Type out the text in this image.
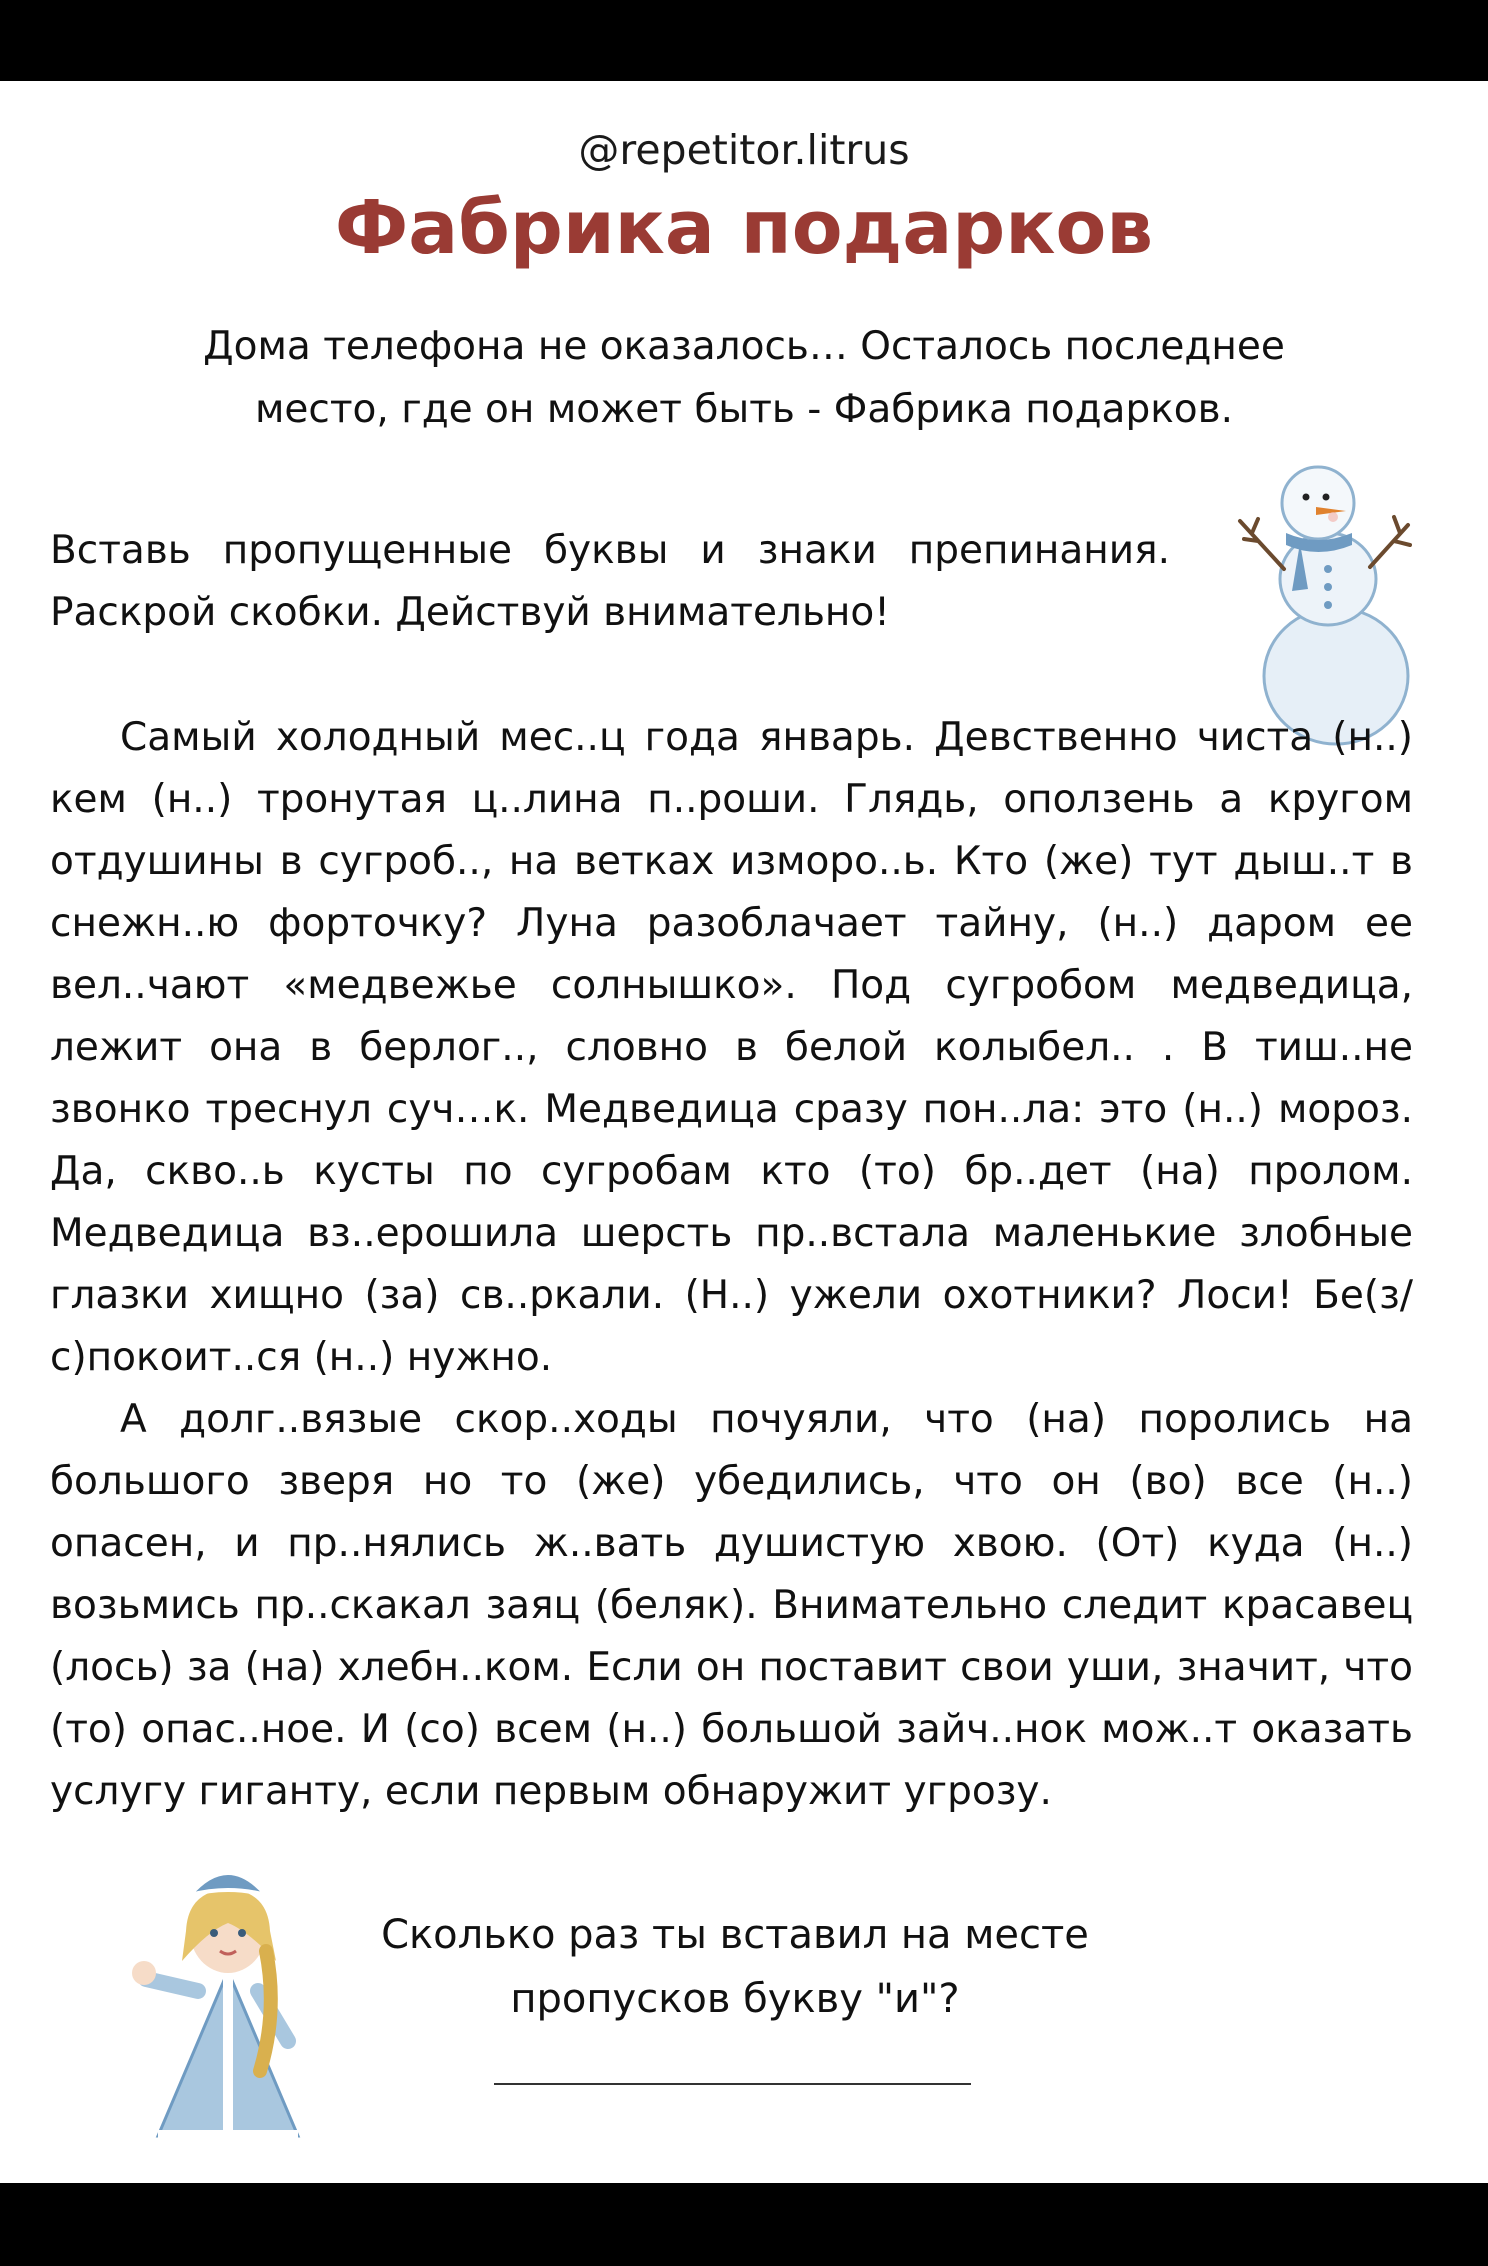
@repetitor.litrus
Фабрика подарков
Дома телефона не оказалось… Осталось последнее место, где он может быть - Фабрика подарков.
Вставь пропущенные буквы и знаки препинания. Раскрой скобки. Действуй внимательно!

Самый холодный мес..ц года январь. Девственно чиста (н..) кем (н..) тронутая ц..лина п..роши. Глядь, оползень а кругом отдушины в сугроб.., на ветках изморо..ь. Кто (же) тут дыш..т в снежн..ю форточку? Луна разоблачает тайну, (н..) даром ее вел..чают «медвежье солнышко». Под сугробом медведица, лежит она в берлог.., словно в белой колыбел.. . В тиш..не звонко треснул суч…к. Медведица сразу пон..ла: это (н..) мороз. Да, скво..ь кусты по сугробам кто (то) бр..дет (на) пролом. Медведица вз..ерошила шерсть пр..встала маленькие злобные глазки хищно (за) св..ркали. (Н..) ужели охотники? Лоси! Бе(з/с)покоит..ся (н..) нужно.

А долг..вязые скор..ходы почуяли, что (на) поролись на большого зверя но то (же) убедились, что он (во) все (н..) опасен, и пр..нялись ж..вать душистую хвою. (От) куда (н..) возьмись пр..скакал заяц (беляк). Внимательно следит красавец (лось) за (на) хлебн..ком. Если он поставит свои уши, значит, что (то) опас..ное. И (со) всем (н..) большой зайч..нок мож..т оказать услугу гиганту, если первым обнаружит угрозу.

Сколько раз ты вставил на месте пропусков букву "и"?
